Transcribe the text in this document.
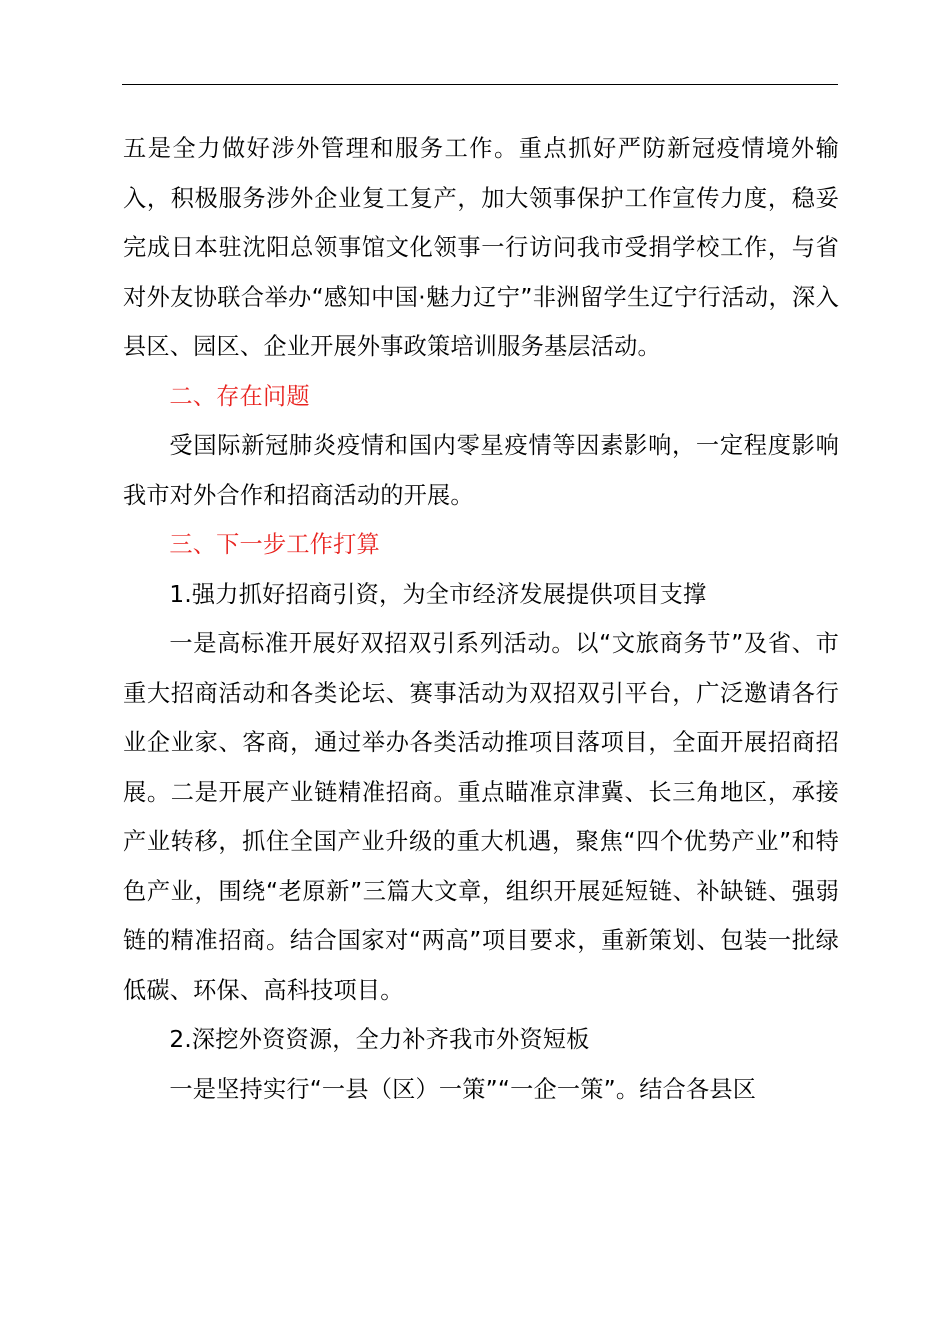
五是全力做好涉外管理和服务工作。重点抓好严防新冠疫情境外输入，积极服务涉外企业复工复产，加大领事保护工作宣传力度，稳妥完成日本驻沈阳总领事馆文化领事一行访问我市受捐学校工作，与省对外友协联合举办“感知中国·魅力辽宁”非洲留学生辽宁行活动，深入县区、园区、企业开展外事政策培训服务基层活动。

二、存在问题

受国际新冠肺炎疫情和国内零星疫情等因素影响，一定程度影响我市对外合作和招商活动的开展。

三、下一步工作打算

1.强力抓好招商引资，为全市经济发展提供项目支撑

一是高标准开展好双招双引系列活动。以“文旅商务节”及省、市重大招商活动和各类论坛、赛事活动为双招双引平台，广泛邀请各行业企业家、客商，通过举办各类活动推项目落项目，全面开展招商招展。二是开展产业链精准招商。重点瞄准京津冀、长三角地区，承接产业转移，抓住全国产业升级的重大机遇，聚焦“四个优势产业”和特色产业，围绕“老原新”三篇大文章，组织开展延短链、补缺链、强弱链的精准招商。结合国家对“两高”项目要求，重新策划、包装一批绿低碳、环保、高科技项目。

2.深挖外资资源，全力补齐我市外资短板

一是坚持实行“一县（区）一策”“一企一策”。结合各县区
